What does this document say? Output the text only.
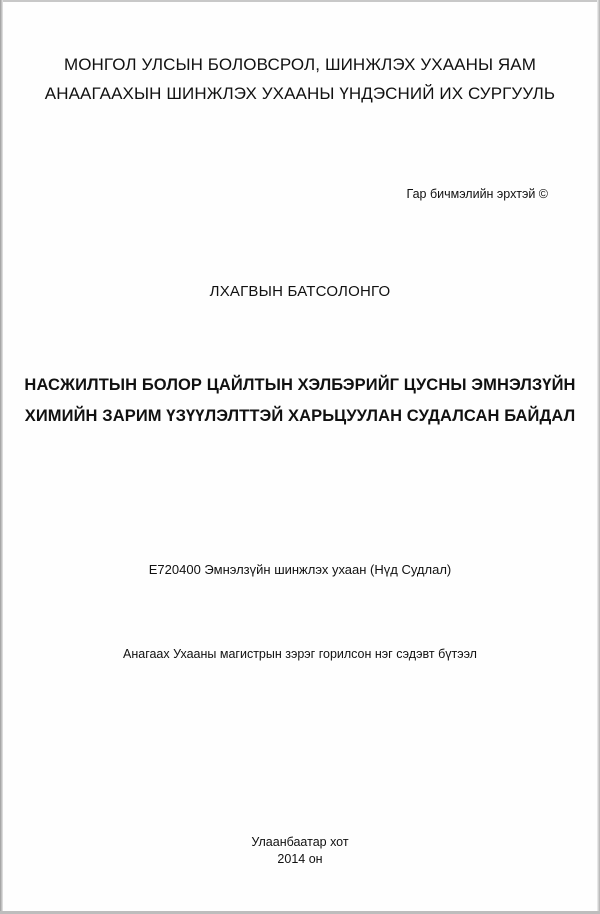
МОНГОЛ УЛСЫН БОЛОВСРОЛ, ШИНЖЛЭХ УХААНЫ ЯАМ
АНААГААХЫН ШИНЖЛЭХ УХААНЫ ҮНДЭСНИЙ ИХ СУРГУУЛЬ
Гар бичмэлийн эрхтэй ©
ЛХАГВЫН БАТСОЛОНГО
НАСЖИЛТЫН БОЛОР ЦАЙЛТЫН ХЭЛБЭРИЙГ ЦУСНЫ ЭМНЭЛЗҮЙН
ХИМИЙН ЗАРИМ ҮЗҮҮЛЭЛТТЭЙ ХАРЬЦУУЛАН СУДАЛСАН БАЙДАЛ
E720400 Эмнэлзүйн шинжлэх ухаан (Нүд Судлал)
Анагаах Ухааны магистрын зэрэг горилсон нэг сэдэвт бүтээл
Улаанбаатар хот
2014 он
